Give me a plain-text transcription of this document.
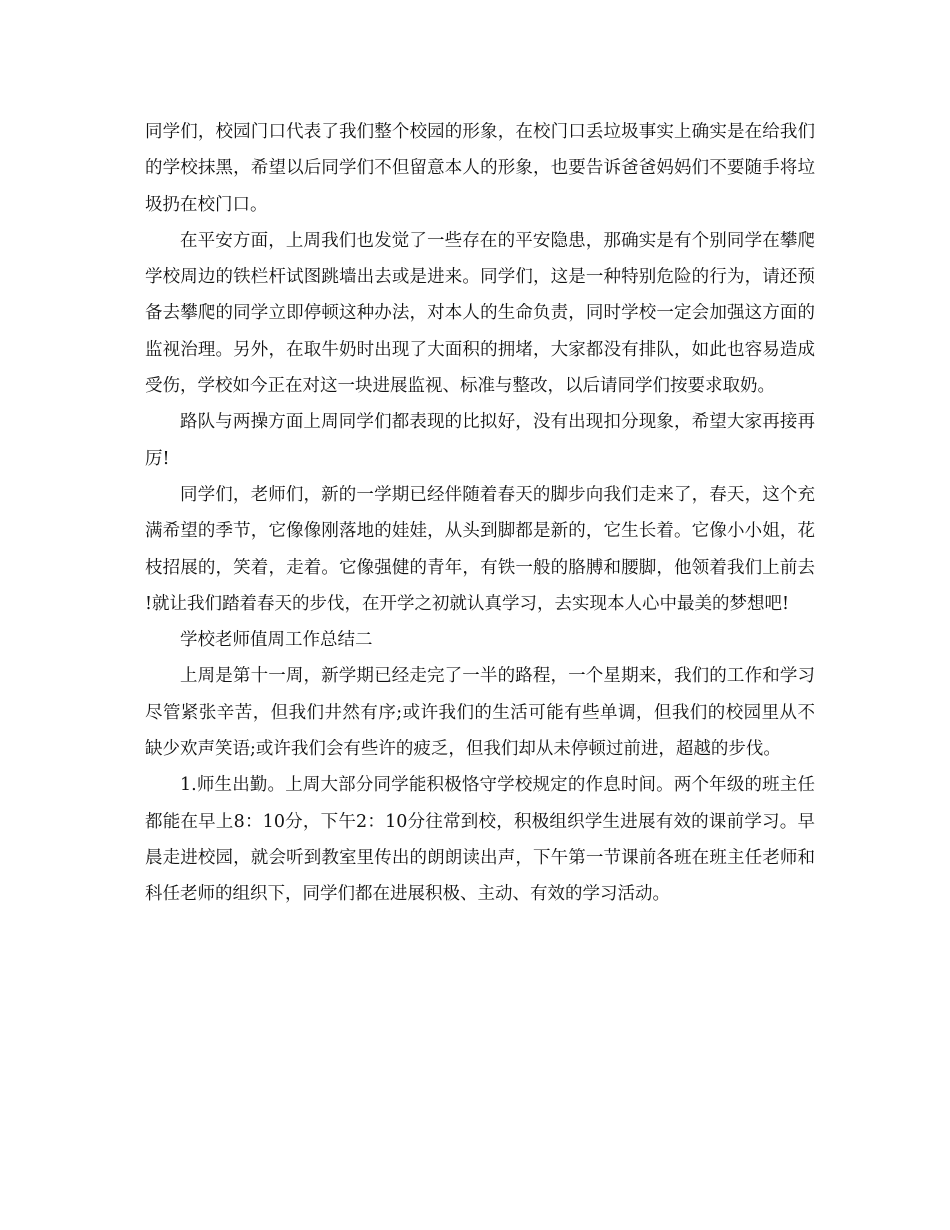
同学们，校园门口代表了我们整个校园的形象，在校门口丢垃圾事实上确实是在给我们的学校抹黑，希望以后同学们不但留意本人的形象，也要告诉爸爸妈妈们不要随手将垃圾扔在校门口。

在平安方面，上周我们也发觉了一些存在的平安隐患，那确实是有个别同学在攀爬学校周边的铁栏杆试图跳墙出去或是进来。同学们，这是一种特别危险的行为，请还预备去攀爬的同学立即停顿这种办法，对本人的生命负责，同时学校一定会加强这方面的监视治理。另外，在取牛奶时出现了大面积的拥堵，大家都没有排队，如此也容易造成受伤，学校如今正在对这一块进展监视、标准与整改，以后请同学们按要求取奶。

路队与两操方面上周同学们都表现的比拟好，没有出现扣分现象，希望大家再接再厉!

同学们，老师们，新的一学期已经伴随着春天的脚步向我们走来了，春天，这个充满希望的季节，它像像刚落地的娃娃，从头到脚都是新的，它生长着。它像小小姐，花枝招展的，笑着，走着。它像强健的青年，有铁一般的胳膊和腰脚，他领着我们上前去!就让我们踏着春天的步伐，在开学之初就认真学习，去实现本人心中最美的梦想吧!

学校老师值周工作总结二

上周是第十一周，新学期已经走完了一半的路程，一个星期来，我们的工作和学习尽管紧张辛苦，但我们井然有序;或许我们的生活可能有些单调，但我们的校园里从不缺少欢声笑语;或许我们会有些许的疲乏，但我们却从未停顿过前进，超越的步伐。

1.师生出勤。上周大部分同学能积极恪守学校规定的作息时间。两个年级的班主任都能在早上8：10分，下午2：10分往常到校，积极组织学生进展有效的课前学习。早晨走进校园，就会听到教室里传出的朗朗读出声，下午第一节课前各班在班主任老师和科任老师的组织下，同学们都在进展积极、主动、有效的学习活动。
